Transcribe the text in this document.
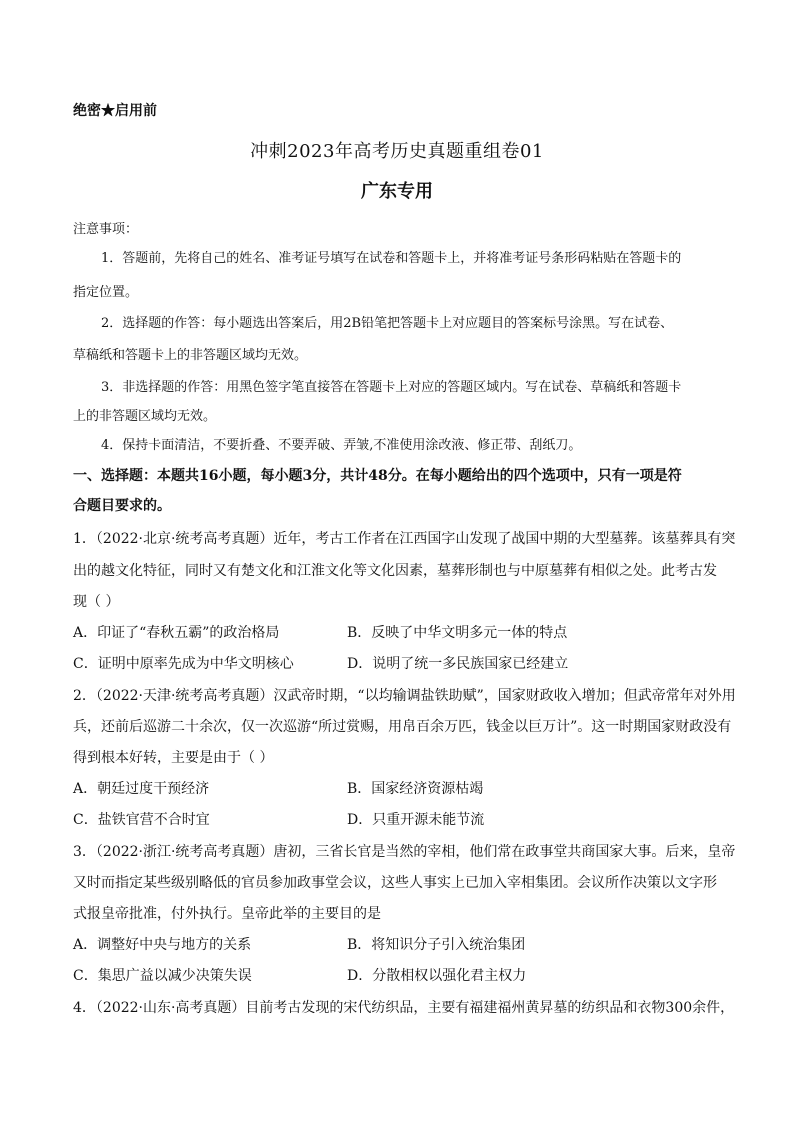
绝密★启用前
冲刺2023年高考历史真题重组卷01
广东专用
注意事项：
1．答题前，先将自己的姓名、准考证号填写在试卷和答题卡上，并将准考证号条形码粘贴在答题卡的
指定位置。
2．选择题的作答：每小题选出答案后，用2B铅笔把答题卡上对应题目的答案标号涂黑。写在试卷、
草稿纸和答题卡上的非答题区域均无效。
3．非选择题的作答：用黑色签字笔直接答在答题卡上对应的答题区域内。写在试卷、草稿纸和答题卡
上的非答题区域均无效。
4．保持卡面清洁，不要折叠、不要弄破、弄皱,不准使用涂改液、修正带、刮纸刀。
一、选择题：本题共16小题，每小题3分，共计48分。在每小题给出的四个选项中，只有一项是符
合题目要求的。
1．（2022·北京·统考高考真题）近年，考古工作者在江西国字山发现了战国中期的大型墓葬。该墓葬具有突
出的越文化特征，同时又有楚文化和江淮文化等文化因素，墓葬形制也与中原墓葬有相似之处。此考古发
现（ ）
A．印证了“春秋五霸”的政治格局	B．反映了中华文明多元一体的特点
C．证明中原率先成为中华文明核心	D．说明了统一多民族国家已经建立
2．（2022·天津·统考高考真题）汉武帝时期，“以均输调盐铁助赋”，国家财政收入增加；但武帝常年对外用
兵，还前后巡游二十余次，仅一次巡游“所过赏赐，用帛百余万匹，钱金以巨万计”。这一时期国家财政没有
得到根本好转，主要是由于（ ）
A．朝廷过度干预经济	B．国家经济资源枯竭
C．盐铁官营不合时宜	D．只重开源未能节流
3．（2022·浙江·统考高考真题）唐初，三省长官是当然的宰相，他们常在政事堂共商国家大事。后来，皇帝
又时而指定某些级别略低的官员参加政事堂会议，这些人事实上已加入宰相集团。会议所作决策以文字形
式报皇帝批准，付外执行。皇帝此举的主要目的是
A．调整好中央与地方的关系	B．将知识分子引入统治集团
C．集思广益以减少决策失误	D．分散相权以强化君主权力
4．（2022·山东·高考真题）目前考古发现的宋代纺织品，主要有福建福州黄昇墓的纺织品和衣物300余件，
